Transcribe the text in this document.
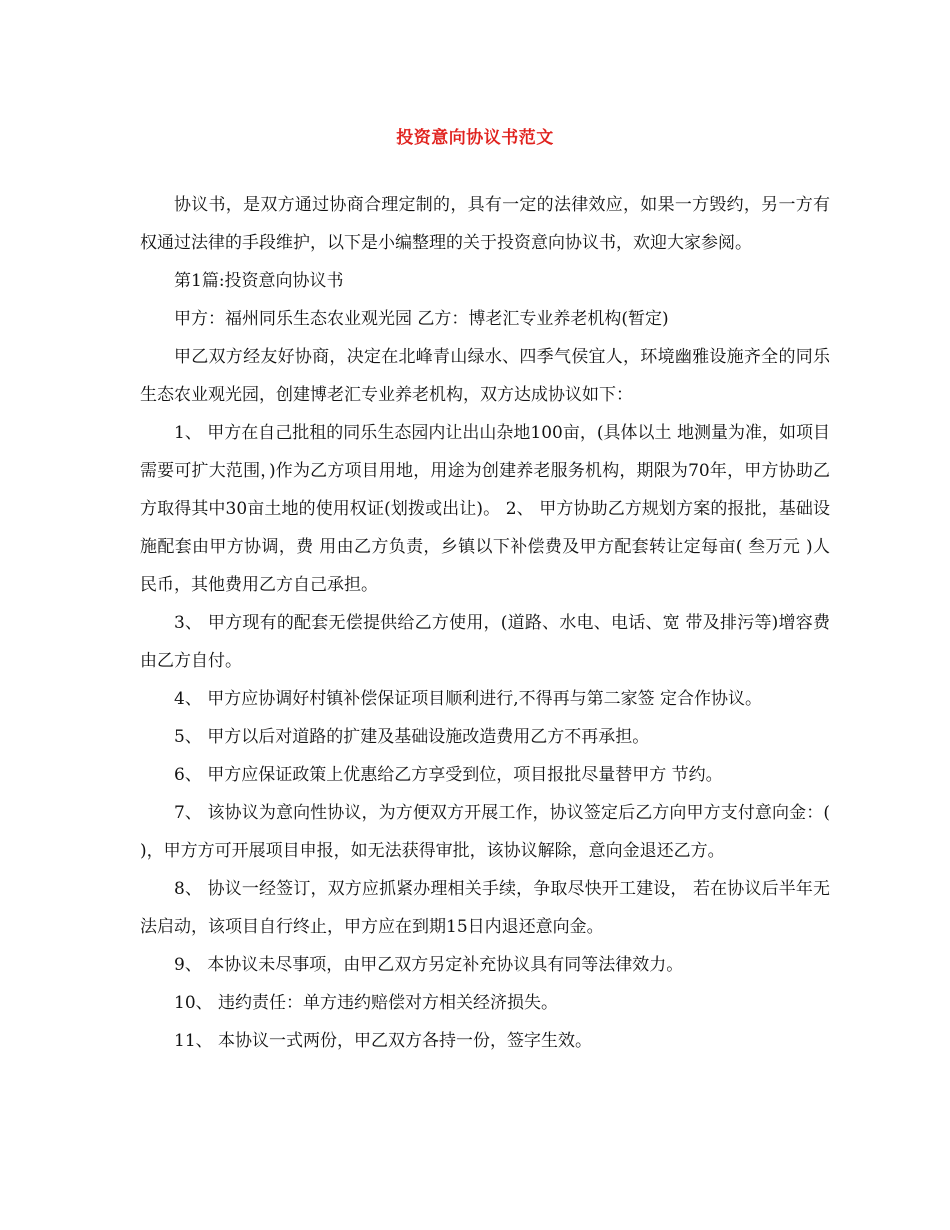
投资意向协议书范文

协议书，是双方通过协商合理定制的，具有一定的法律效应，如果一方毁约，另一方有权通过法律的手段维护，以下是小编整理的关于投资意向协议书，欢迎大家参阅。

第1篇:投资意向协议书

甲方：福州同乐生态农业观光园 乙方：博老汇专业养老机构(暂定)

甲乙双方经友好协商，决定在北峰青山绿水、四季气侯宜人，环境幽雅设施齐全的同乐生态农业观光园，创建博老汇专业养老机构，双方达成协议如下：

1、 甲方在自己批租的同乐生态园内让出山杂地100亩，(具体以土 地测量为准，如项目需要可扩大范围，)作为乙方项目用地，用途为创建养老服务机构，期限为70年，甲方协助乙方取得其中30亩土地的使用权证(划拨或出让)。 2、 甲方协助乙方规划方案的报批，基础设施配套由甲方协调，费 用由乙方负责，乡镇以下补偿费及甲方配套转让定每亩( 叁万元 )人民币，其他费用乙方自己承担。

3、 甲方现有的配套无偿提供给乙方使用，(道路、水电、电话、宽 带及排污等)增容费由乙方自付。

4、 甲方应协调好村镇补偿保证项目顺利进行,不得再与第二家签 定合作协议。

5、 甲方以后对道路的扩建及基础设施改造费用乙方不再承担。

6、 甲方应保证政策上优惠给乙方享受到位，项目报批尽量替甲方 节约。

7、 该协议为意向性协议，为方便双方开展工作，协议签定后乙方向甲方支付意向金：( )，甲方方可开展项目申报，如无法获得审批，该协议解除，意向金退还乙方。

8、 协议一经签订，双方应抓紧办理相关手续，争取尽快开工建设， 若在协议后半年无法启动，该项目自行终止，甲方应在到期15日内退还意向金。

9、 本协议未尽事项，由甲乙双方另定补充协议具有同等法律效力。

10、 违约责任：单方违约赔偿对方相关经济损失。

11、 本协议一式两份，甲乙双方各持一份，签字生效。
